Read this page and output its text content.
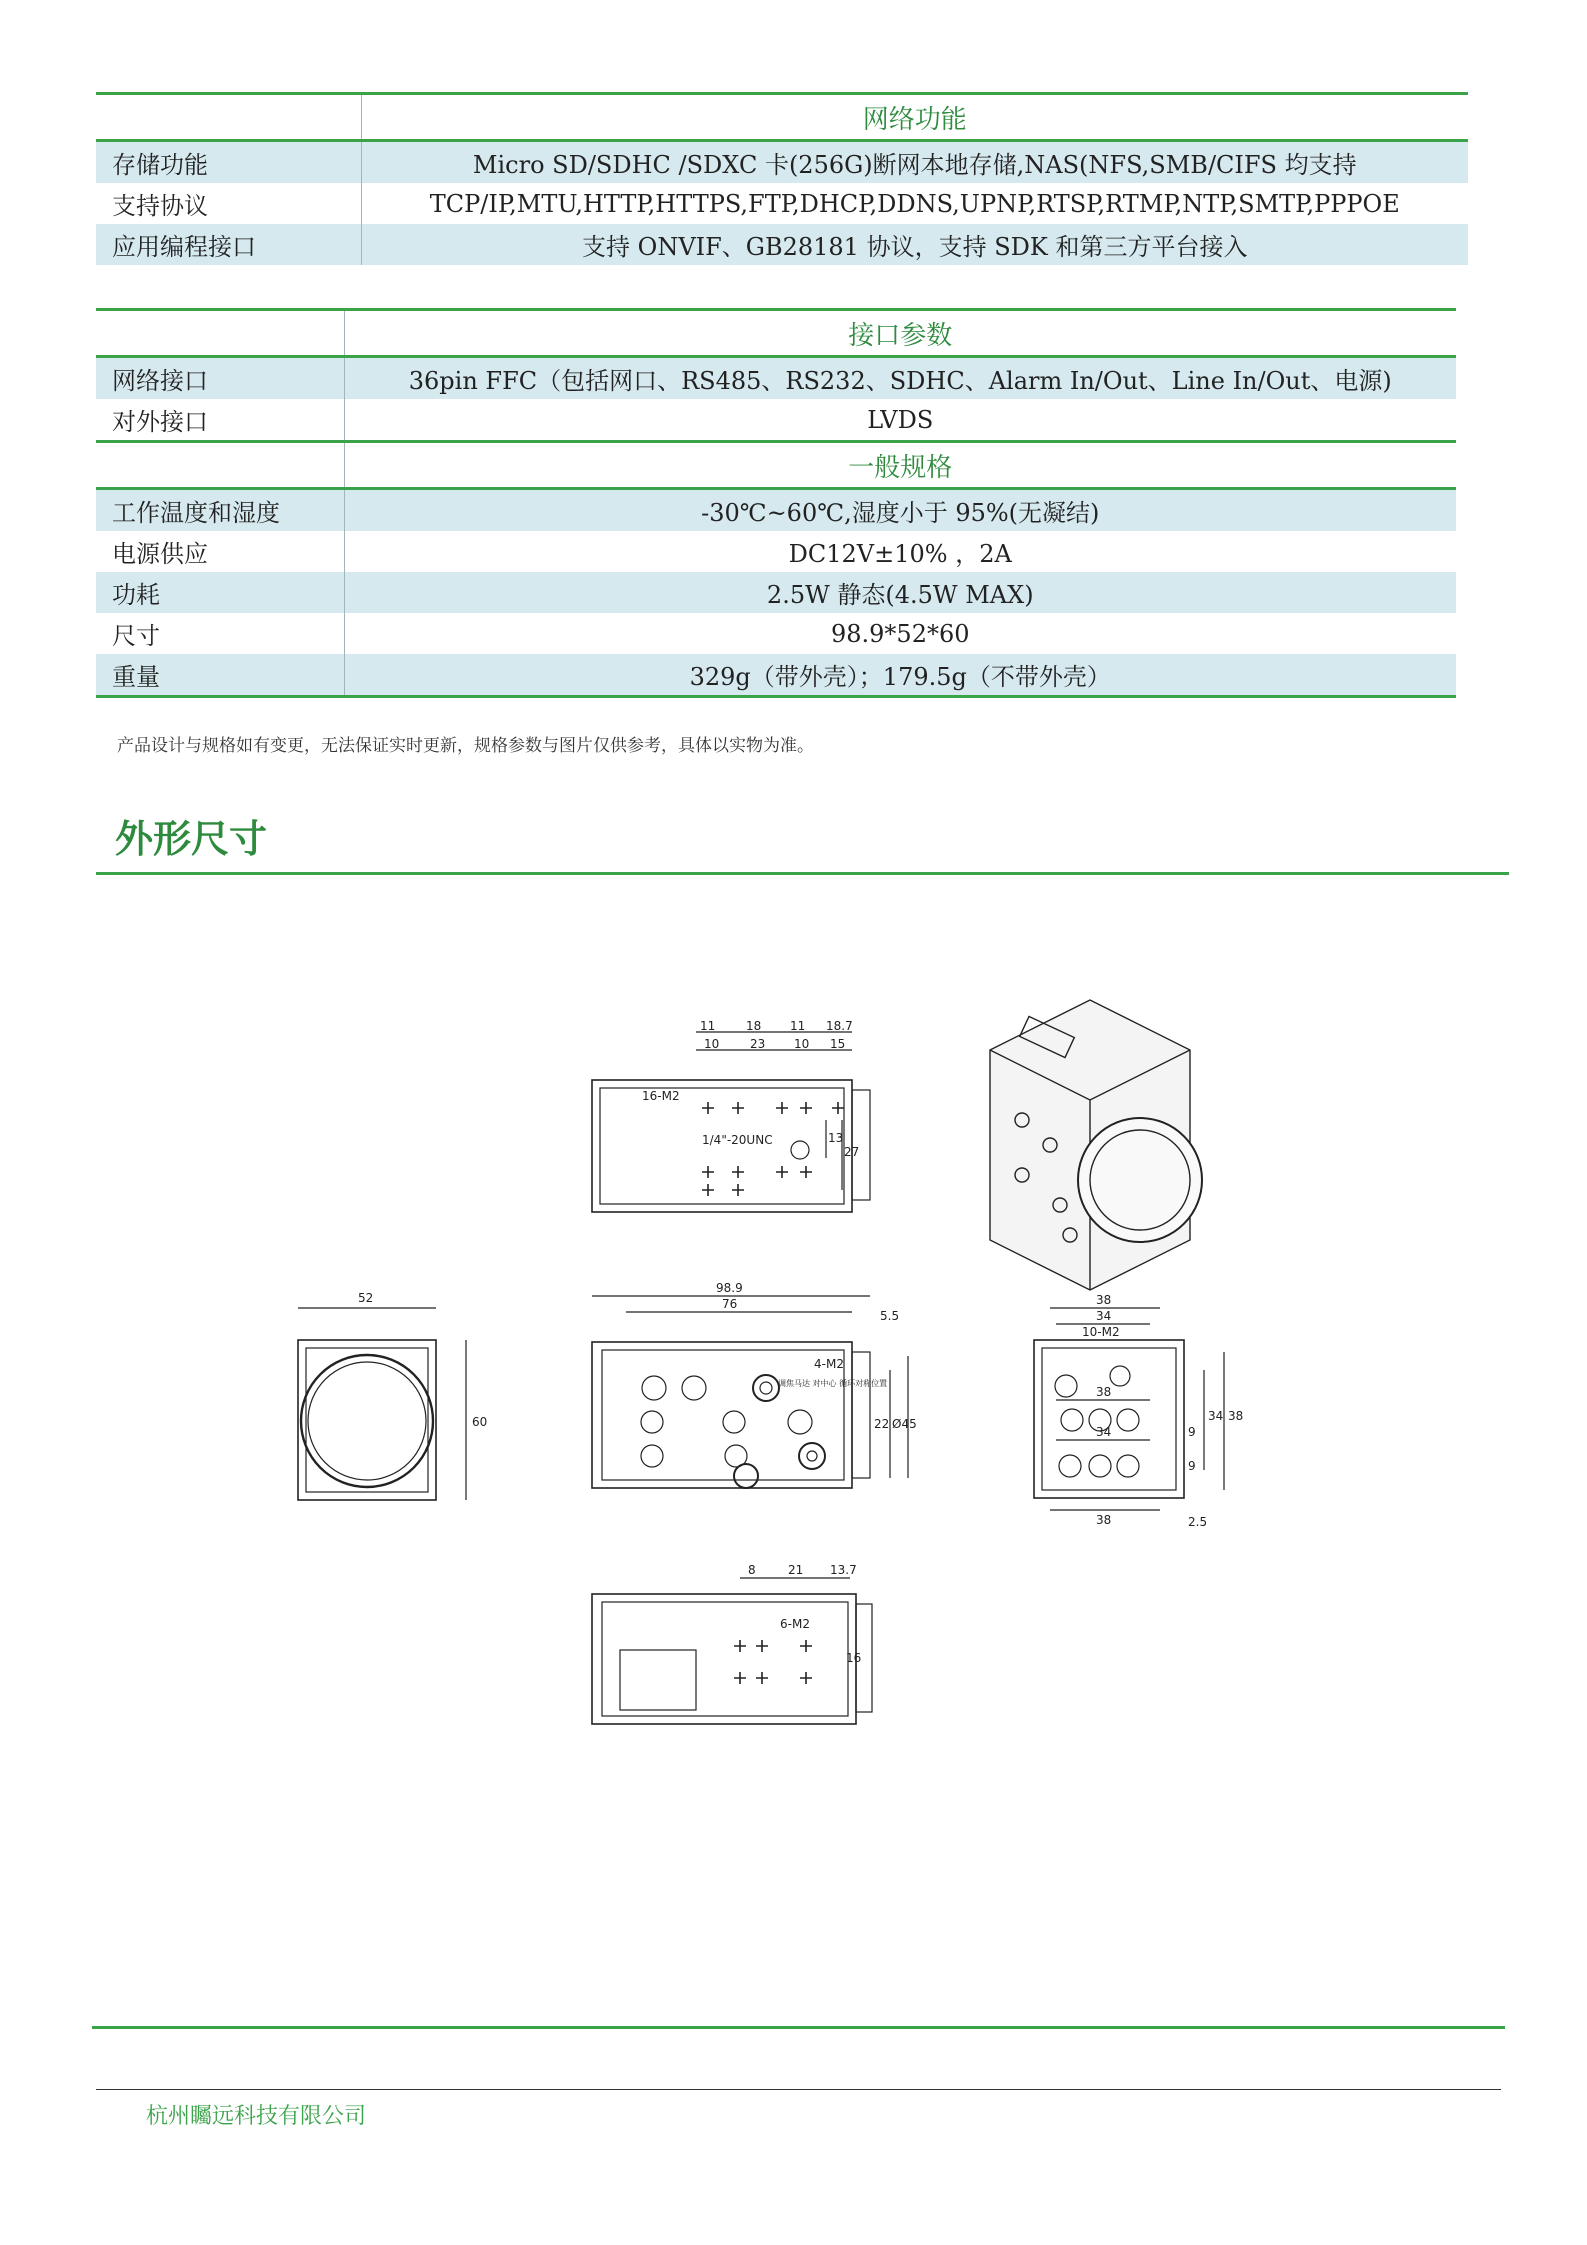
	网络功能
存储功能	Micro SD/SDHC /SDXC 卡(256G)断网本地存储,NAS(NFS,SMB/CIFS 均支持
支持协议	TCP/IP,MTU,HTTP,HTTPS,FTP,DHCP,DDNS,UPNP,RTSP,RTMP,NTP,SMTP,PPPOE
应用编程接口	支持 ONVIF、GB28181 协议，支持 SDK 和第三方平台接入
	接口参数
网络接口	36pin FFC（包括网口、RS485、RS232、SDHC、Alarm In/Out、Line In/Out、电源)
对外接口	LVDS
	一般规格
工作温度和湿度	-30℃~60℃,湿度小于 95%(无凝结)
电源供应	DC12V±10% ，2A
功耗	2.5W 静态(4.5W MAX)
尺寸	98.9*52*60
重量	329g（带外壳）；179.5g（不带外壳）
产品设计与规格如有变更，无法保证实时更新，规格参数与图片仅供参考，具体以实物为准。
外形尺寸
11	18 11 18.7
10	23 10 15
16-M2
1/4"-20UNC	13
27
52
60
98.9
76
5.5
4-M2
调焦马达 对中心 循环对称位置
22 Ø45
38
34
10-M2
38
34
38
9
9
34 38
2.5
8	21 13.7
6-M2
16
杭州矚远科技有限公司
